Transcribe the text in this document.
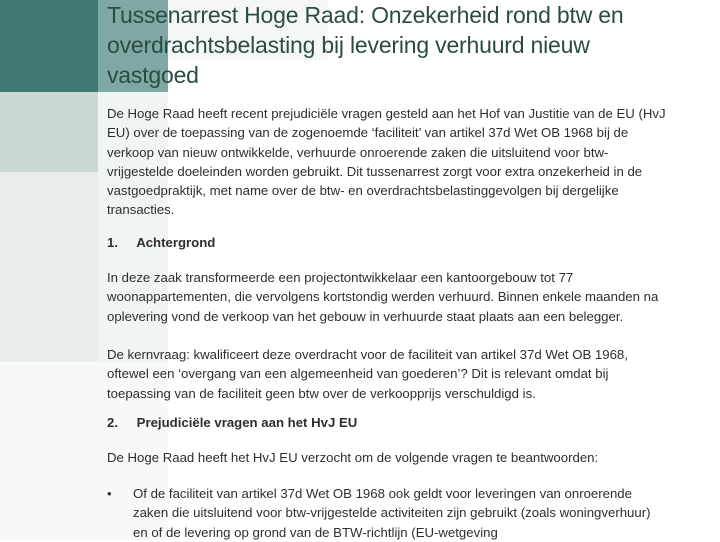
Tussenarrest Hoge Raad: Onzekerheid rond btw en overdrachtsbelasting bij levering verhuurd nieuw vastgoed

De Hoge Raad heeft recent prejudiciële vragen gesteld aan het Hof van Justitie van de EU (HvJ EU) over de toepassing van de zogenoemde ‘faciliteit’ van artikel 37d Wet OB 1968 bij de verkoop van nieuw ontwikkelde, verhuurde onroerende zaken die uitsluitend voor btw-vrijgestelde doeleinden worden gebruikt. Dit tussenarrest zorgt voor extra onzekerheid in de vastgoedpraktijk, met name over de btw- en overdrachtsbelastinggevolgen bij dergelijke transacties.

1. Achtergrond

In deze zaak transformeerde een projectontwikkelaar een kantoorgebouw tot 77 woonappartementen, die vervolgens kortstondig werden verhuurd. Binnen enkele maanden na oplevering vond de verkoop van het gebouw in verhuurde staat plaats aan een belegger.

De kernvraag: kwalificeert deze overdracht voor de faciliteit van artikel 37d Wet OB 1968, oftewel een ‘overgang van een algemeenheid van goederen’? Dit is relevant omdat bij toepassing van de faciliteit geen btw over de verkoopprijs verschuldigd is.

2. Prejudiciële vragen aan het HvJ EU

De Hoge Raad heeft het HvJ EU verzocht om de volgende vragen te beantwoorden:

•	Of de faciliteit van artikel 37d Wet OB 1968 ook geldt voor leveringen van onroerende zaken die uitsluitend voor btw-vrijgestelde activiteiten zijn gebruikt (zoals woningverhuur) en of de levering op grond van de BTW-richtlijn (EU-wetgeving
